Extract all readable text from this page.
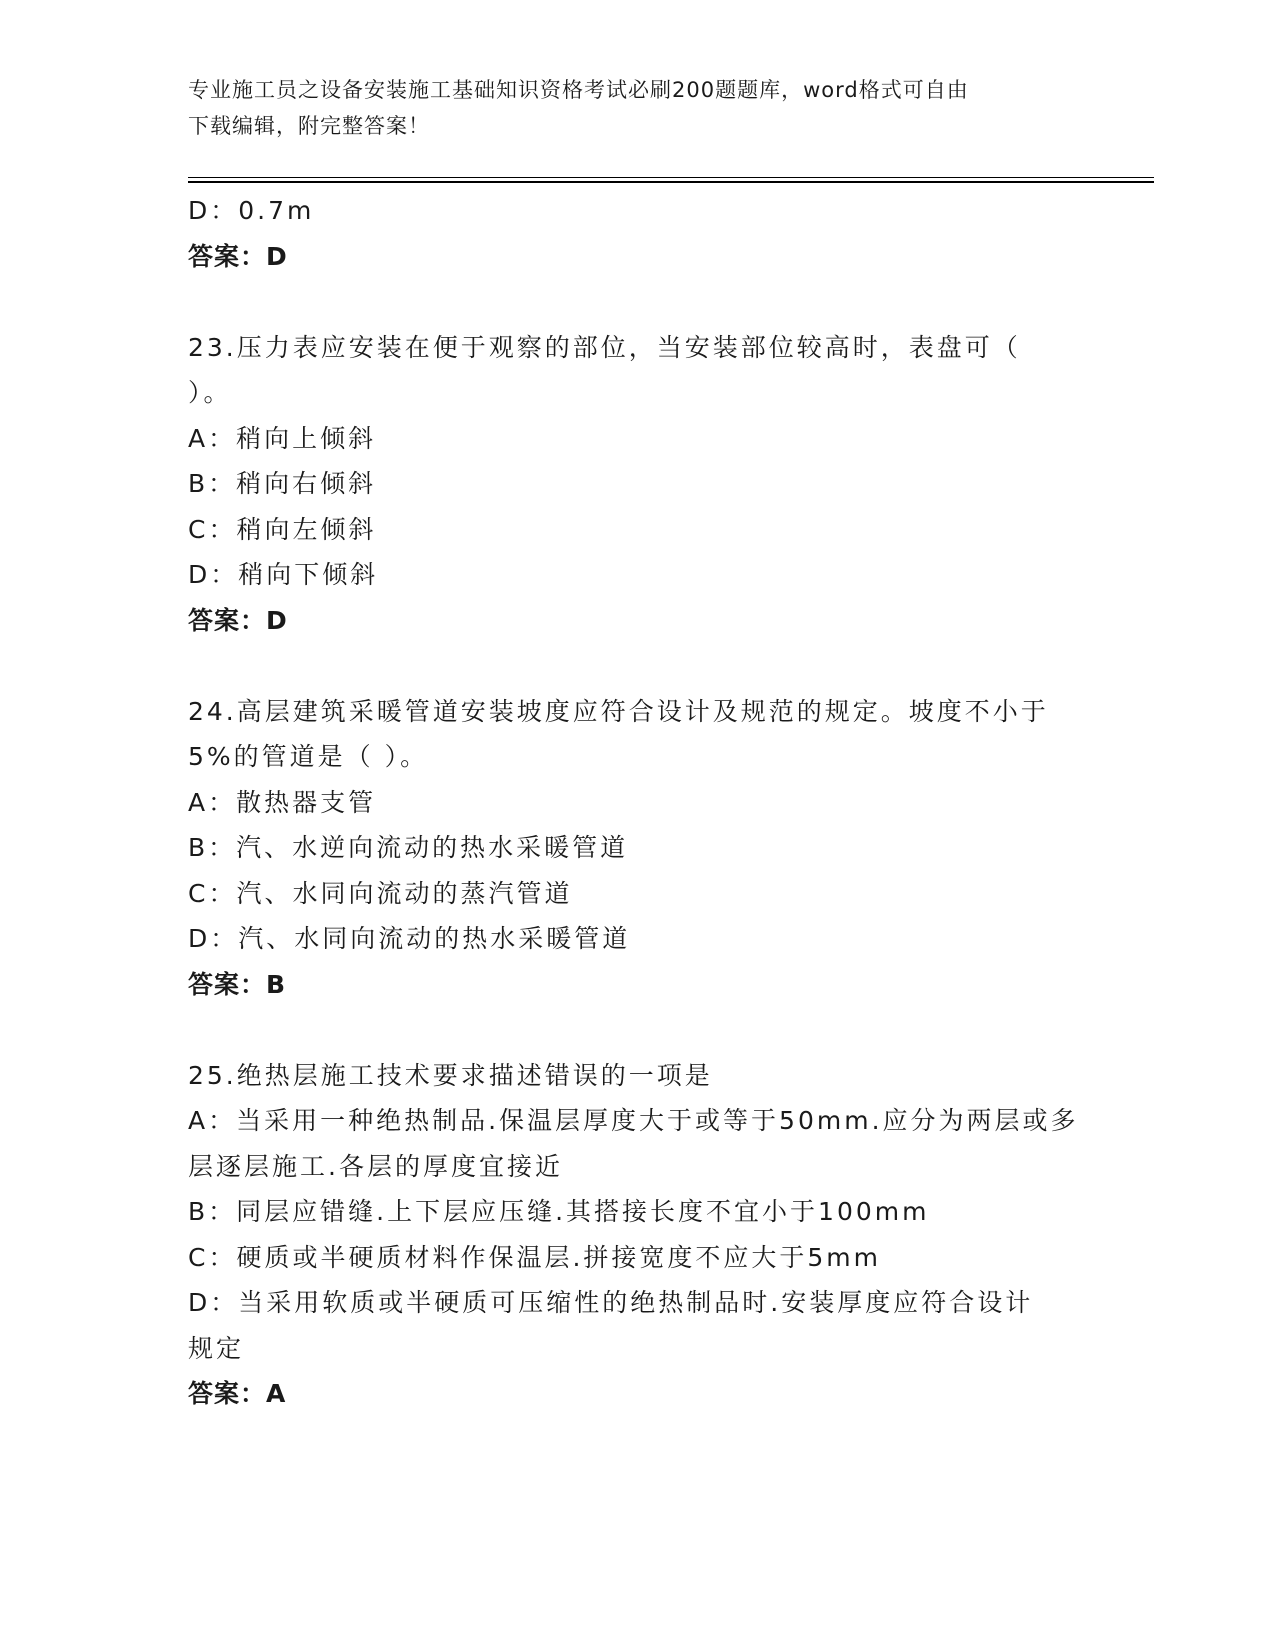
专业施工员之设备安装施工基础知识资格考试必刷200题题库，word格式可自由
下载编辑，附完整答案！
D：0.7m
答案：D
23.压力表应安装在便于观察的部位，当安装部位较高时，表盘可（
）。
A：稍向上倾斜
B：稍向右倾斜
C：稍向左倾斜
D：稍向下倾斜
答案：D
24.高层建筑采暖管道安装坡度应符合设计及规范的规定。坡度不小于
5%的管道是（ ）。
A：散热器支管
B：汽、水逆向流动的热水采暖管道
C：汽、水同向流动的蒸汽管道
D：汽、水同向流动的热水采暖管道
答案：B
25.绝热层施工技术要求描述错误的一项是
A：当采用一种绝热制品.保温层厚度大于或等于50mm.应分为两层或多
层逐层施工.各层的厚度宜接近
B：同层应错缝.上下层应压缝.其搭接长度不宜小于100mm
C：硬质或半硬质材料作保温层.拼接宽度不应大于5mm
D：当采用软质或半硬质可压缩性的绝热制品时.安装厚度应符合设计
规定
答案：A
